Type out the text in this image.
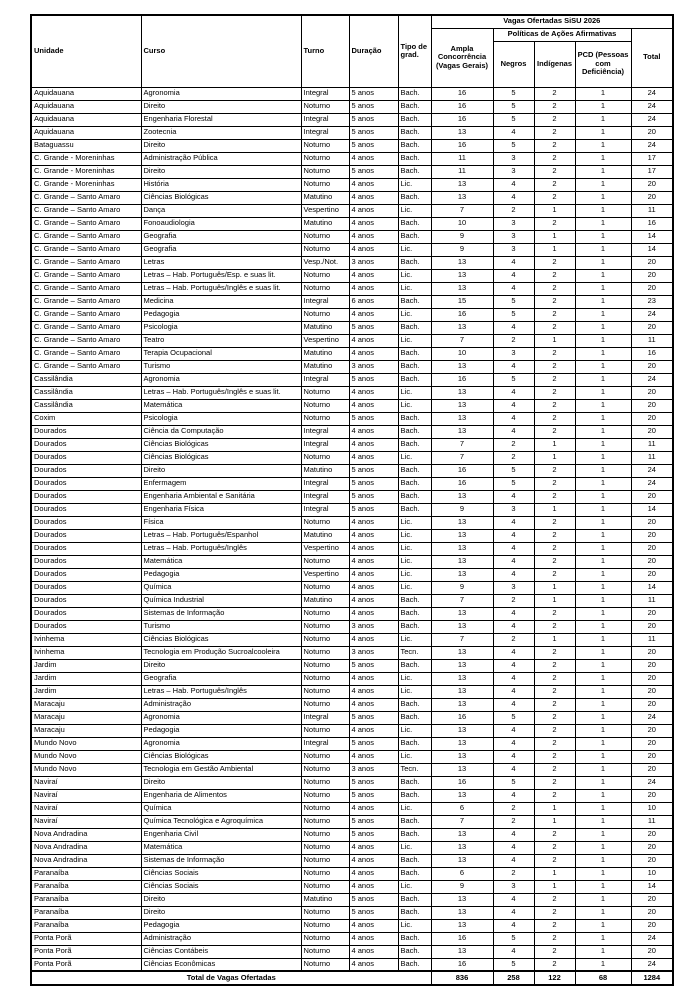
Unidade	Curso	Turno	Duração	Tipo de grad.	Vagas Ofertadas SiSU 2026				
					Ampla Concorrência (Vagas Gerais)	Políticas de Ações Afirmativas			Total
						Negros	Indígenas	PCD (Pessoas com Deficiência)	
Aquidauana	Agronomia	Integral	5 anos	Bach.	16	5	2	1	24
Aquidauana	Direito	Noturno	5 anos	Bach.	16	5	2	1	24
Aquidauana	Engenharia Florestal	Integral	5 anos	Bach.	16	5	2	1	24
Aquidauana	Zootecnia	Integral	5 anos	Bach.	13	4	2	1	20
Bataguassu	Direito	Noturno	5 anos	Bach.	16	5	2	1	24
C. Grande - Moreninhas	Administração Pública	Noturno	4 anos	Bach.	11	3	2	1	17
C. Grande - Moreninhas	Direito	Noturno	5 anos	Bach.	11	3	2	1	17
C. Grande - Moreninhas	História	Noturno	4 anos	Lic.	13	4	2	1	20
C. Grande – Santo Amaro	Ciências Biológicas	Matutino	4 anos	Bach.	13	4	2	1	20
C. Grande – Santo Amaro	Dança	Vespertino	4 anos	Lic.	7	2	1	1	11
C. Grande – Santo Amaro	Fonoaudiologia	Matutino	4 anos	Bach.	10	3	2	1	16
C. Grande – Santo Amaro	Geografia	Noturno	4 anos	Bach.	9	3	1	1	14
C. Grande – Santo Amaro	Geografia	Noturno	4 anos	Lic.	9	3	1	1	14
C. Grande – Santo Amaro	Letras	Vesp./Not.	3 anos	Bach.	13	4	2	1	20
C. Grande – Santo Amaro	Letras – Hab. Português/Esp. e suas lit.	Noturno	4 anos	Lic.	13	4	2	1	20
C. Grande – Santo Amaro	Letras – Hab. Português/Inglês e suas lit.	Noturno	4 anos	Lic.	13	4	2	1	20
C. Grande – Santo Amaro	Medicina	Integral	6 anos	Bach.	15	5	2	1	23
C. Grande – Santo Amaro	Pedagogia	Noturno	4 anos	Lic.	16	5	2	1	24
C. Grande – Santo Amaro	Psicologia	Matutino	5 anos	Bach.	13	4	2	1	20
C. Grande – Santo Amaro	Teatro	Vespertino	4 anos	Lic.	7	2	1	1	11
C. Grande – Santo Amaro	Terapia Ocupacional	Matutino	4 anos	Bach.	10	3	2	1	16
C. Grande – Santo Amaro	Turismo	Matutino	3 anos	Bach.	13	4	2	1	20
Cassilândia	Agronomia	Integral	5 anos	Bach.	16	5	2	1	24
Cassilândia	Letras – Hab. Português/Inglês e suas lit.	Noturno	4 anos	Lic.	13	4	2	1	20
Cassilândia	Matemática	Noturno	4 anos	Lic.	13	4	2	1	20
Coxim	Psicologia	Noturno	5 anos	Bach.	13	4	2	1	20
Dourados	Ciência da Computação	Integral	4 anos	Bach.	13	4	2	1	20
Dourados	Ciências Biológicas	Integral	4 anos	Bach.	7	2	1	1	11
Dourados	Ciências Biológicas	Noturno	4 anos	Lic.	7	2	1	1	11
Dourados	Direito	Matutino	5 anos	Bach.	16	5	2	1	24
Dourados	Enfermagem	Integral	5 anos	Bach.	16	5	2	1	24
Dourados	Engenharia Ambiental e Sanitária	Integral	5 anos	Bach.	13	4	2	1	20
Dourados	Engenharia Física	Integral	5 anos	Bach.	9	3	1	1	14
Dourados	Física	Noturno	4 anos	Lic.	13	4	2	1	20
Dourados	Letras – Hab. Português/Espanhol	Matutino	4 anos	Lic.	13	4	2	1	20
Dourados	Letras – Hab. Português/Inglês	Vespertino	4 anos	Lic.	13	4	2	1	20
Dourados	Matemática	Noturno	4 anos	Lic.	13	4	2	1	20
Dourados	Pedagogia	Vespertino	4 anos	Lic.	13	4	2	1	20
Dourados	Química	Noturno	4 anos	Lic.	9	3	1	1	14
Dourados	Química Industrial	Matutino	4 anos	Bach.	7	2	1	1	11
Dourados	Sistemas de Informação	Noturno	4 anos	Bach.	13	4	2	1	20
Dourados	Turismo	Noturno	3 anos	Bach.	13	4	2	1	20
Ivinhema	Ciências Biológicas	Noturno	4 anos	Lic.	7	2	1	1	11
Ivinhema	Tecnologia em Produção Sucroalcooleira	Noturno	3 anos	Tecn.	13	4	2	1	20
Jardim	Direito	Noturno	5 anos	Bach.	13	4	2	1	20
Jardim	Geografia	Noturno	4 anos	Lic.	13	4	2	1	20
Jardim	Letras – Hab. Português/Inglês	Noturno	4 anos	Lic.	13	4	2	1	20
Maracaju	Administração	Noturno	4 anos	Bach.	13	4	2	1	20
Maracaju	Agronomia	Integral	5 anos	Bach.	16	5	2	1	24
Maracaju	Pedagogia	Noturno	4 anos	Lic.	13	4	2	1	20
Mundo Novo	Agronomia	Integral	5 anos	Bach.	13	4	2	1	20
Mundo Novo	Ciências Biológicas	Noturno	4 anos	Lic.	13	4	2	1	20
Mundo Novo	Tecnologia em Gestão Ambiental	Noturno	3 anos	Tecn.	13	4	2	1	20
Naviraí	Direito	Noturno	5 anos	Bach.	16	5	2	1	24
Naviraí	Engenharia de Alimentos	Noturno	5 anos	Bach.	13	4	2	1	20
Naviraí	Química	Noturno	4 anos	Lic.	6	2	1	1	10
Naviraí	Química Tecnológica e Agroquímica	Noturno	5 anos	Bach.	7	2	1	1	11
Nova Andradina	Engenharia Civil	Noturno	5 anos	Bach.	13	4	2	1	20
Nova Andradina	Matemática	Noturno	4 anos	Lic.	13	4	2	1	20
Nova Andradina	Sistemas de Informação	Noturno	4 anos	Bach.	13	4	2	1	20
Paranaíba	Ciências Sociais	Noturno	4 anos	Bach.	6	2	1	1	10
Paranaíba	Ciências Sociais	Noturno	4 anos	Lic.	9	3	1	1	14
Paranaíba	Direito	Matutino	5 anos	Bach.	13	4	2	1	20
Paranaíba	Direito	Noturno	5 anos	Bach.	13	4	2	1	20
Paranaíba	Pedagogia	Noturno	4 anos	Lic.	13	4	2	1	20
Ponta Porã	Administração	Noturno	4 anos	Bach.	16	5	2	1	24
Ponta Porã	Ciências Contábeis	Noturno	4 anos	Bach.	13	4	2	1	20
Ponta Porã	Ciências Econômicas	Noturno	4 anos	Bach.	16	5	2	1	24
Total de Vagas Ofertadas					836	258	122	68	1284
